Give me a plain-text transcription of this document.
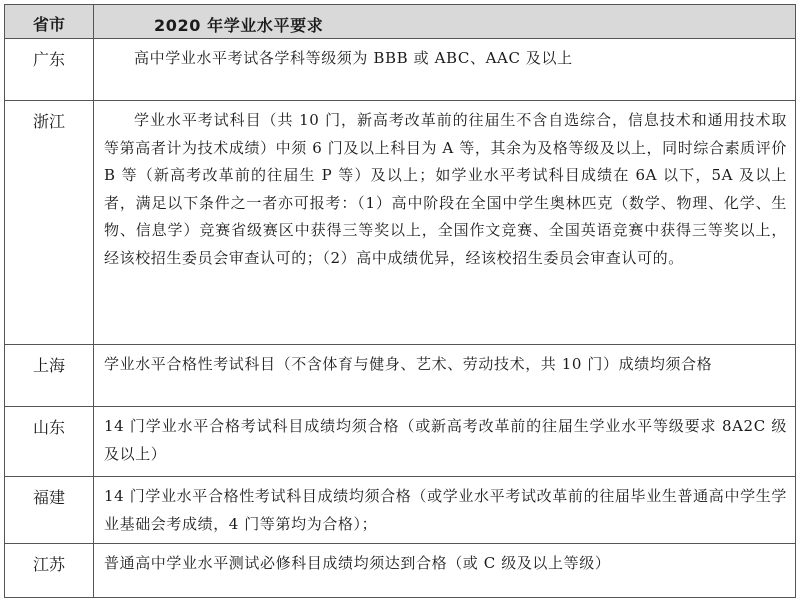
省市	2020 年学业水平要求
广东	高中学业水平考试各学科等级须为 BBB 或 ABC、AAC 及以上
浙江	学业水平考试科目（共 10 门，新高考改革前的往届生不含自选综合，信息技术和通用技术取等第高者计为技术成绩）中须 6 门及以上科目为 A 等，其余为及格等级及以上，同时综合素质评价 B 等（新高考改革前的往届生 P 等）及以上；如学业水平考试科目成绩在 6A 以下，5A 及以上者，满足以下条件之一者亦可报考：（1）高中阶段在全国中学生奥林匹克（数学、物理、化学、生物、信息学）竞赛省级赛区中获得三等奖以上，全国作文竞赛、全国英语竞赛中获得三等奖以上，经该校招生委员会审查认可的；（2）高中成绩优异，经该校招生委员会审查认可的。
上海	学业水平合格性考试科目（不含体育与健身、艺术、劳动技术，共 10 门）成绩均须合格
山东	14 门学业水平合格考试科目成绩均须合格（或新高考改革前的往届生学业水平等级要求 8A2C 级及以上）
福建	14 门学业水平合格性考试科目成绩均须合格（或学业水平考试改革前的往届毕业生普通高中学生学业基础会考成绩，4 门等第均为合格）；
江苏	普通高中学业水平测试必修科目成绩均须达到合格（或 C 级及以上等级）
